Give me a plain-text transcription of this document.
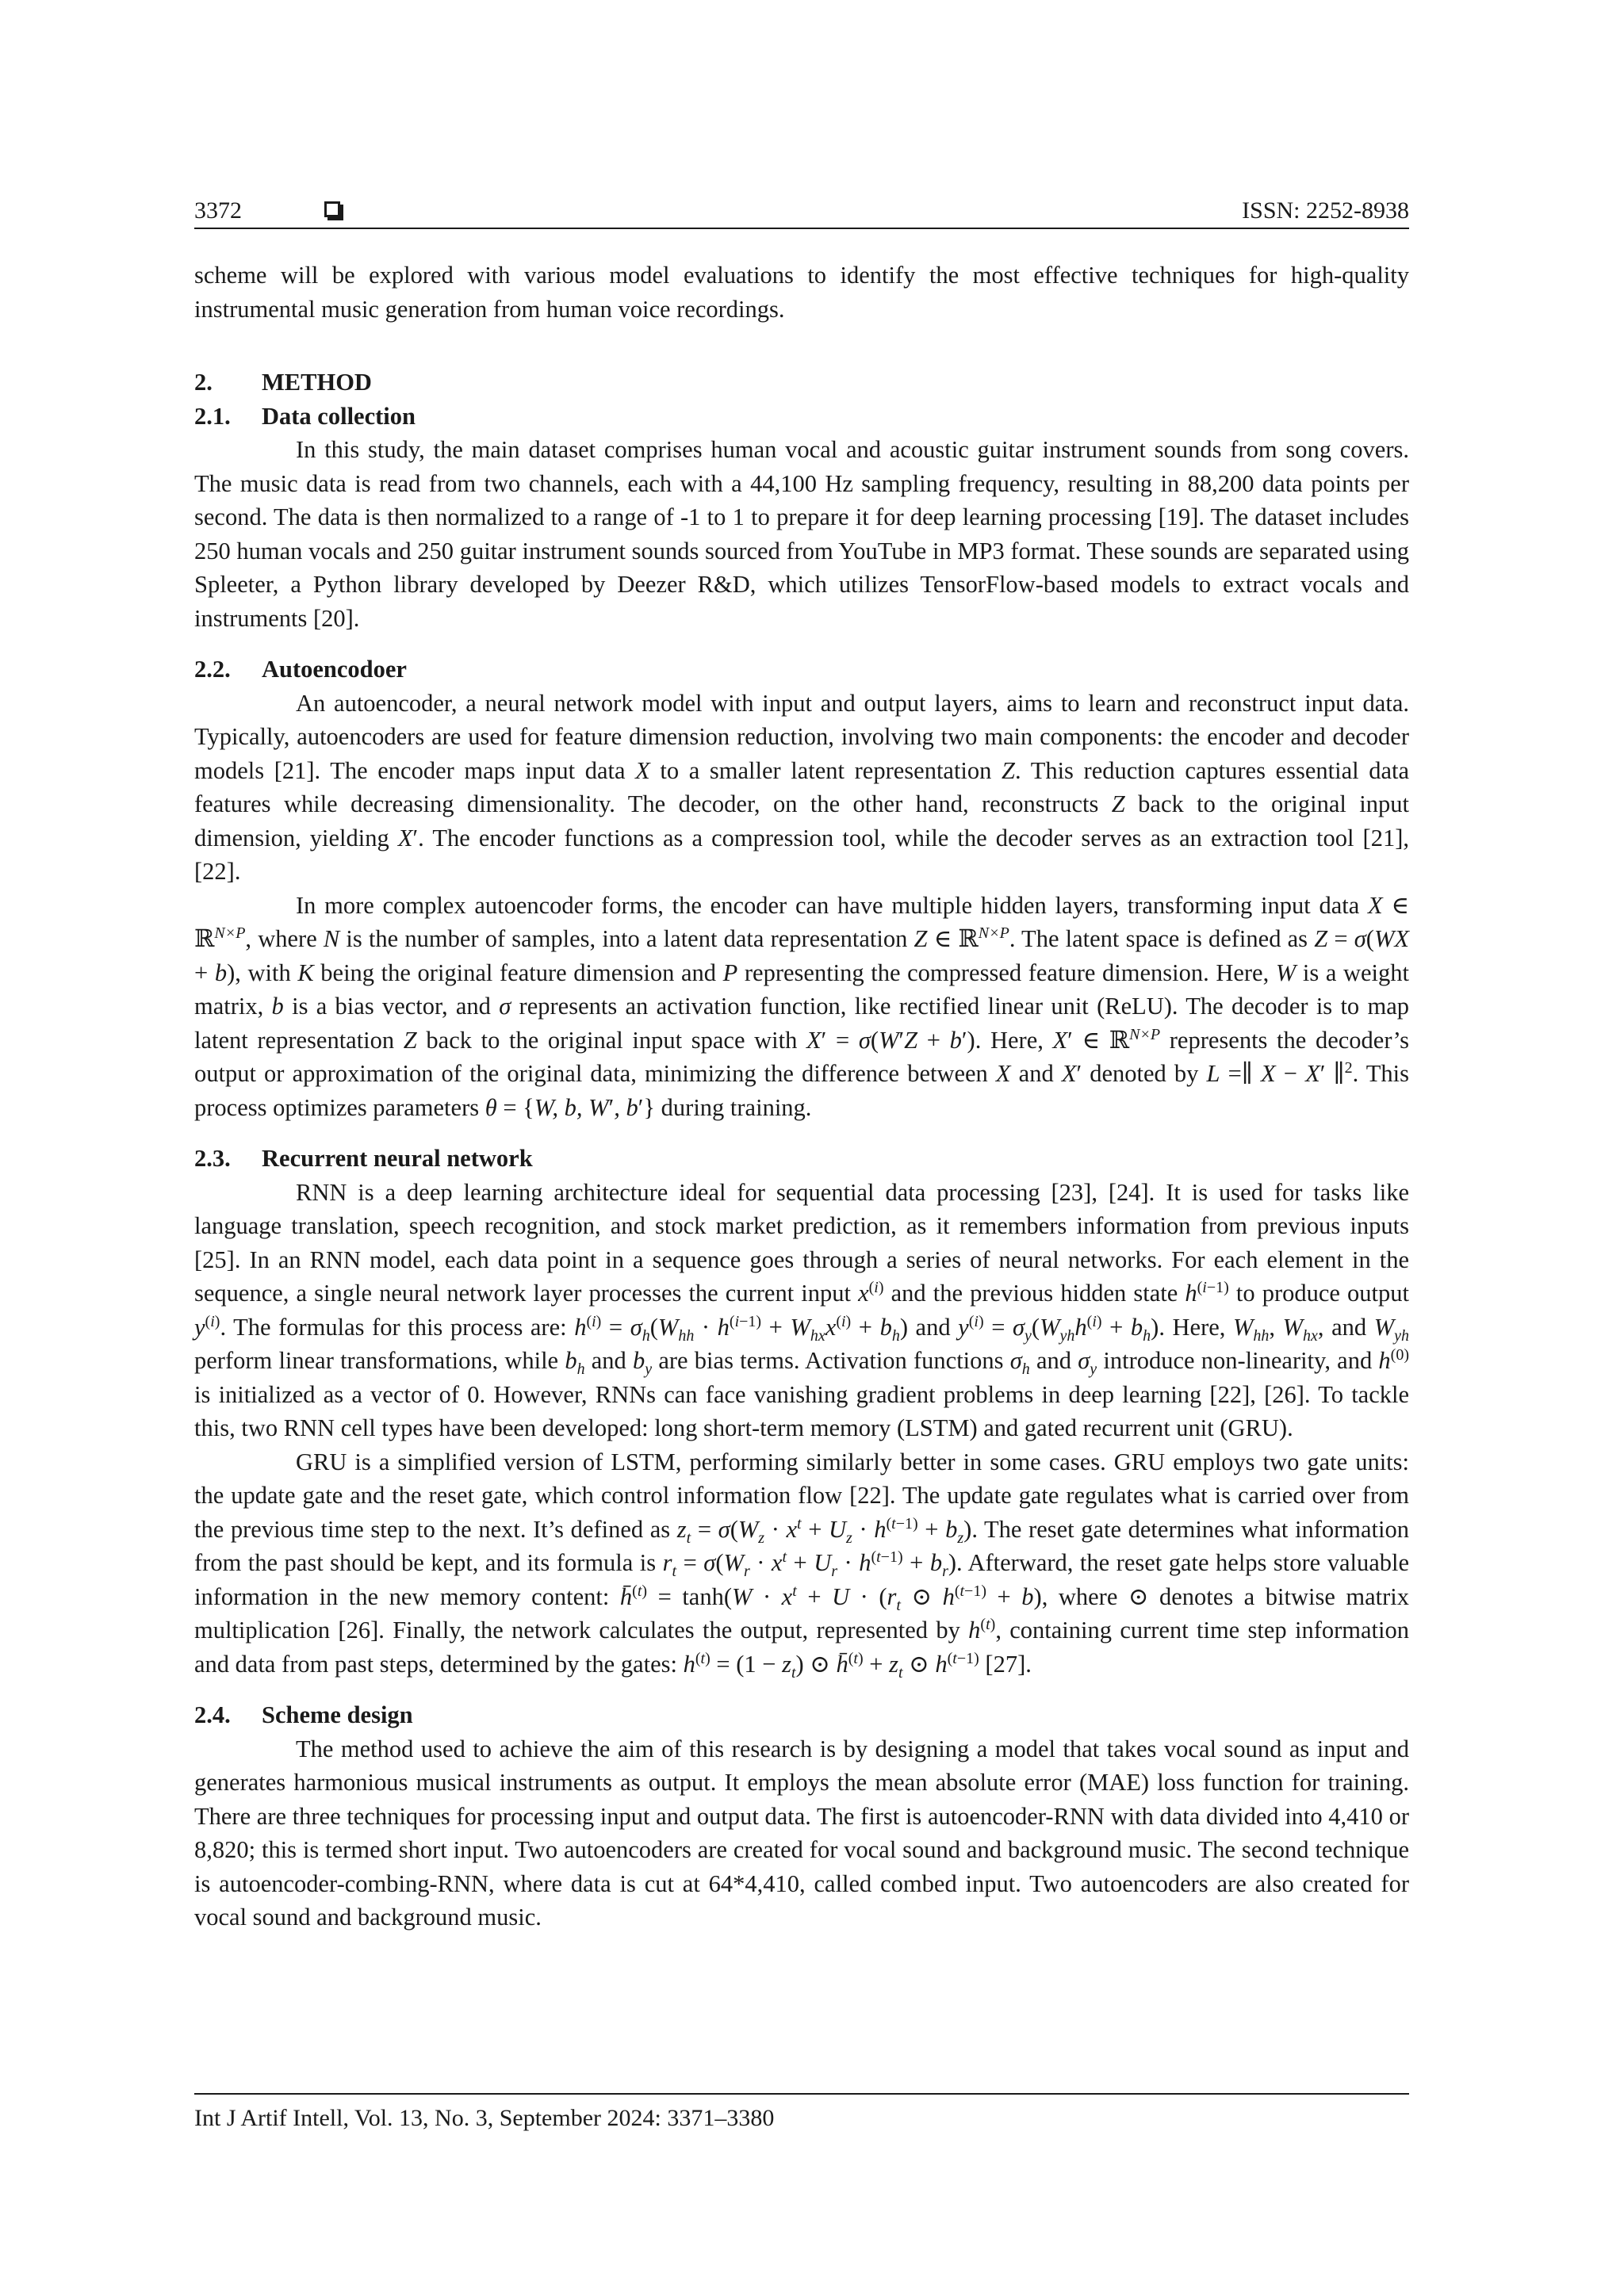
3372	ISSN: 2252-8938

scheme will be explored with various model evaluations to identify the most effective techniques for high-quality instrumental music generation from human voice recordings.

2. METHOD

2.1. Data collection

In this study, the main dataset comprises human vocal and acoustic guitar instrument sounds from song covers. The music data is read from two channels, each with a 44,100 Hz sampling frequency, resulting in 88,200 data points per second. The data is then normalized to a range of -1 to 1 to prepare it for deep learning processing [19]. The dataset includes 250 human vocals and 250 guitar instrument sounds sourced from YouTube in MP3 format. These sounds are separated using Spleeter, a Python library developed by Deezer R&D, which utilizes TensorFlow-based models to extract vocals and instruments [20].

2.2. Autoencodoer

An autoencoder, a neural network model with input and output layers, aims to learn and reconstruct input data. Typically, autoencoders are used for feature dimension reduction, involving two main components: the encoder and decoder models [21]. The encoder maps input data X to a smaller latent representation Z. This reduction captures essential data features while decreasing dimensionality. The decoder, on the other hand, reconstructs Z back to the original input dimension, yielding X′. The encoder functions as a compression tool, while the decoder serves as an extraction tool [21], [22].

In more complex autoencoder forms, the encoder can have multiple hidden layers, transforming input data X ∈ ℝ$^{N\times P}$, where N is the number of samples, into a latent data representation Z ∈ ℝ$^{N\times P}$. The latent space is defined as Z = σ(WX + b), with K being the original feature dimension and P representing the compressed feature dimension. Here, W is a weight matrix, b is a bias vector, and σ represents an activation function, like rectified linear unit (ReLU). The decoder is to map latent representation Z back to the original input space with X′ = σ(W′Z + b′). Here, X′ ∈ ℝ$^{N\times P}$ represents the decoder’s output or approximation of the original data, minimizing the difference between X and X′ denoted by L =∥ X − X′ ∥$^2$. This process optimizes parameters θ = {W, b, W′, b′} during training.

2.3. Recurrent neural network

RNN is a deep learning architecture ideal for sequential data processing [23], [24]. It is used for tasks like language translation, speech recognition, and stock market prediction, as it remembers information from previous inputs [25]. In an RNN model, each data point in a sequence goes through a series of neural networks. For each element in the sequence, a single neural network layer processes the current input $x^{(i)}$ and the previous hidden state $h^{(i-1)}$ to produce output $y^{(i)}$. The formulas for this process are: $h^{(i)} = \sigma_h(W_{hh} \cdot h^{(i-1)} + W_{hx}x^{(i)} + b_h)$ and $y^{(i)} = \sigma_y(W_{yh}h^{(i)} + b_h)$. Here, $W_{hh}$, $W_{hx}$, and $W_{yh}$ perform linear transformations, while $b_h$ and $b_y$ are bias terms. Activation functions $\sigma_h$ and $\sigma_y$ introduce non-linearity, and $h^{(0)}$ is initialized as a vector of 0. However, RNNs can face vanishing gradient problems in deep learning [22], [26]. To tackle this, two RNN cell types have been developed: long short-term memory (LSTM) and gated recurrent unit (GRU).

GRU is a simplified version of LSTM, performing similarly better in some cases. GRU employs two gate units: the update gate and the reset gate, which control information flow [22]. The update gate regulates what is carried over from the previous time step to the next. It’s defined as $z_t = \sigma(W_z \cdot x^t + U_z \cdot h^{(t-1)} + b_z)$. The reset gate determines what information from the past should be kept, and its formula is $r_t = \sigma(W_r \cdot x^t + U_r \cdot h^{(t-1)} + b_r)$. Afterward, the reset gate helps store valuable information in the new memory content: h̄$^{(t)}$ = $\tanh(W \cdot x^t + U \cdot (r_t$ ⊙ $h^{(t-1)} + b$), where ⊙ denotes a bitwise matrix multiplication [26]. Finally, the network calculates the output, represented by $h^{(t)}$, containing current time step information and data from past steps, determined by the gates: $h^{(t)} = (1 - z_t)$ ⊙ h̄$^{(t)}$ + $z_t$ ⊙ $h^{(t-1)}$ [27].

2.4. Scheme design

The method used to achieve the aim of this research is by designing a model that takes vocal sound as input and generates harmonious musical instruments as output. It employs the mean absolute error (MAE) loss function for training. There are three techniques for processing input and output data. The first is autoencoder-RNN with data divided into 4,410 or 8,820; this is termed short input. Two autoencoders are created for vocal sound and background music. The second technique is autoencoder-combing-RNN, where data is cut at 64*4,410, called combed input. Two autoencoders are also created for vocal sound and background music.

Int J Artif Intell, Vol. 13, No. 3, September 2024: 3371–3380
